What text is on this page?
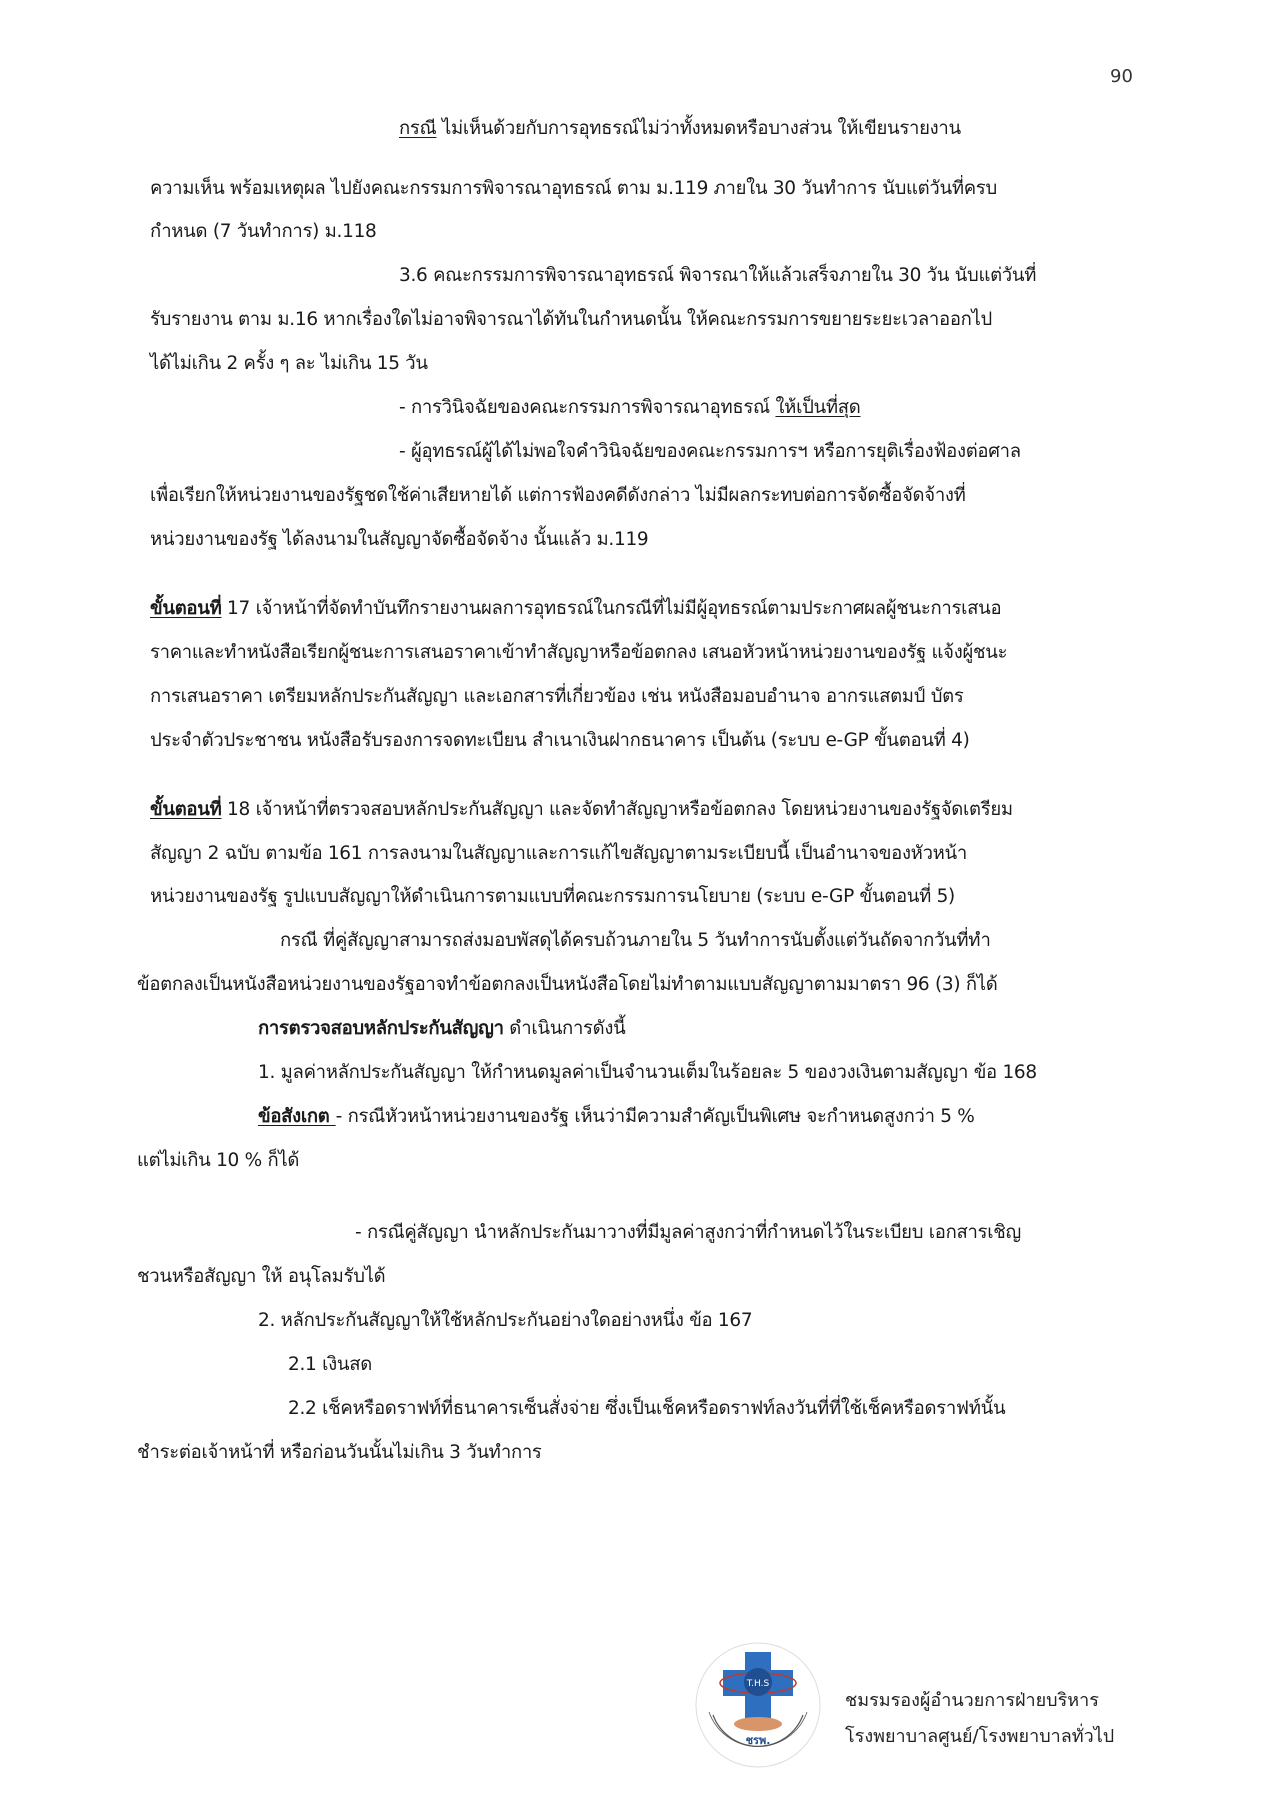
90
กรณี ไม่เห็นด้วยกับการอุทธรณ์ไม่ว่าทั้งหมดหรือบางส่วน ให้เขียนรายงาน
ความเห็น พร้อมเหตุผล ไปยังคณะกรรมการพิจารณาอุทธรณ์ ตาม ม.119 ภายใน 30 วันทำการ นับแต่วันที่ครบ
กำหนด (7 วันทำการ) ม.118
3.6 คณะกรรมการพิจารณาอุทธรณ์ พิจารณาให้แล้วเสร็จภายใน 30 วัน นับแต่วันที่
รับรายงาน ตาม ม.16 หากเรื่องใดไม่อาจพิจารณาได้ทันในกำหนดนั้น ให้คณะกรรมการขยายระยะเวลาออกไป
ได้ไม่เกิน 2 ครั้ง ๆ ละ ไม่เกิน 15 วัน
- การวินิจฉัยของคณะกรรมการพิจารณาอุทธรณ์ ให้เป็นที่สุด
- ผู้อุทธรณ์ผู้ได้ไม่พอใจคำวินิจฉัยของคณะกรรมการฯ หรือการยุติเรื่องฟ้องต่อศาล
เพื่อเรียกให้หน่วยงานของรัฐชดใช้ค่าเสียหายได้ แต่การฟ้องคดีดังกล่าว ไม่มีผลกระทบต่อการจัดซื้อจัดจ้างที่
หน่วยงานของรัฐ ได้ลงนามในสัญญาจัดซื้อจัดจ้าง นั้นแล้ว ม.119
ขั้นตอนที่ 17 เจ้าหน้าที่จัดทำบันทึกรายงานผลการอุทธรณ์ในกรณีที่ไม่มีผู้อุทธรณ์ตามประกาศผลผู้ชนะการเสนอ
ราคาและทำหนังสือเรียกผู้ชนะการเสนอราคาเข้าทำสัญญาหรือข้อตกลง เสนอหัวหน้าหน่วยงานของรัฐ แจ้งผู้ชนะ
การเสนอราคา เตรียมหลักประกันสัญญา และเอกสารที่เกี่ยวข้อง เช่น หนังสือมอบอำนาจ อากรแสตมป์ บัตร
ประจำตัวประชาชน หนังสือรับรองการจดทะเบียน สำเนาเงินฝากธนาคาร เป็นต้น (ระบบ e-GP ขั้นตอนที่ 4)
ขั้นตอนที่ 18 เจ้าหน้าที่ตรวจสอบหลักประกันสัญญา และจัดทำสัญญาหรือข้อตกลง โดยหน่วยงานของรัฐจัดเตรียม
สัญญา 2 ฉบับ ตามข้อ 161 การลงนามในสัญญาและการแก้ไขสัญญาตามระเบียบนี้ เป็นอำนาจของหัวหน้า
หน่วยงานของรัฐ รูปแบบสัญญาให้ดำเนินการตามแบบที่คณะกรรมการนโยบาย (ระบบ e-GP ขั้นตอนที่ 5)
กรณี ที่คู่สัญญาสามารถส่งมอบพัสดุได้ครบถ้วนภายใน 5 วันทำการนับตั้งแต่วันถัดจากวันที่ทำ
ข้อตกลงเป็นหนังสือหน่วยงานของรัฐอาจทำข้อตกลงเป็นหนังสือโดยไม่ทำตามแบบสัญญาตามมาตรา 96 (3) ก็ได้
การตรวจสอบหลักประกันสัญญา ดำเนินการดังนี้
1. มูลค่าหลักประกันสัญญา ให้กำหนดมูลค่าเป็นจำนวนเต็มในร้อยละ 5 ของวงเงินตามสัญญา ข้อ 168
ข้อสังเกต - กรณีหัวหน้าหน่วยงานของรัฐ เห็นว่ามีความสำคัญเป็นพิเศษ จะกำหนดสูงกว่า 5 %
แต่ไม่เกิน 10 % ก็ได้
- กรณีคู่สัญญา นำหลักประกันมาวางที่มีมูลค่าสูงกว่าที่กำหนดไว้ในระเบียบ เอกสารเชิญ
ชวนหรือสัญญา ให้ อนุโลมรับได้
2. หลักประกันสัญญาให้ใช้หลักประกันอย่างใดอย่างหนึ่ง ข้อ 167
2.1 เงินสด
2.2 เช็คหรือดราฟท์ที่ธนาคารเซ็นสั่งจ่าย ซึ่งเป็นเช็คหรือดราฟท์ลงวันที่ที่ใช้เช็คหรือดราฟท์นั้น
ชำระต่อเจ้าหน้าที่ หรือก่อนวันนั้นไม่เกิน 3 วันทำการ
T.H.S
ชรพ.
ชมรมรองผู้อำนวยการฝ่ายบริหาร
โรงพยาบาลศูนย์/โรงพยาบาลทั่วไป
